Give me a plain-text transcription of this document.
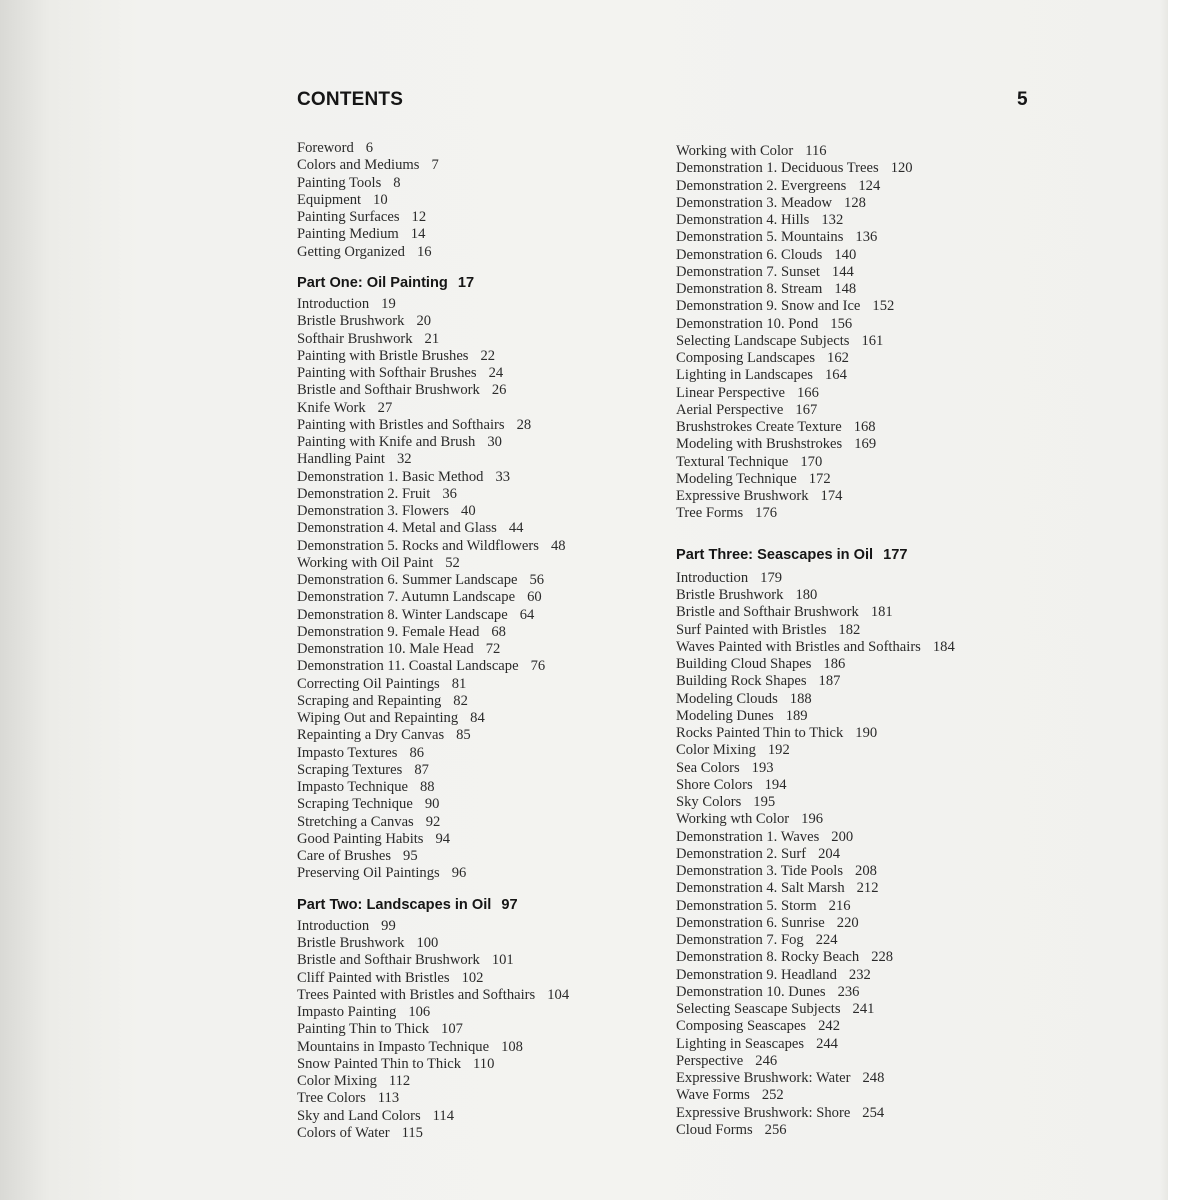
CONTENTS	5
Foreword 6
Colors and Mediums 7
Painting Tools 8
Equipment 10
Painting Surfaces 12
Painting Medium 14
Getting Organized 16
Part One: Oil Painting 17
Introduction 19
Bristle Brushwork 20
Softhair Brushwork 21
Painting with Bristle Brushes 22
Painting with Softhair Brushes 24
Bristle and Softhair Brushwork 26
Knife Work 27
Painting with Bristles and Softhairs 28
Painting with Knife and Brush 30
Handling Paint 32
Demonstration 1. Basic Method 33
Demonstration 2. Fruit 36
Demonstration 3. Flowers 40
Demonstration 4. Metal and Glass 44
Demonstration 5. Rocks and Wildflowers 48
Working with Oil Paint 52
Demonstration 6. Summer Landscape 56
Demonstration 7. Autumn Landscape 60
Demonstration 8. Winter Landscape 64
Demonstration 9. Female Head 68
Demonstration 10. Male Head 72
Demonstration 11. Coastal Landscape 76
Correcting Oil Paintings 81
Scraping and Repainting 82
Wiping Out and Repainting 84
Repainting a Dry Canvas 85
Impasto Textures 86
Scraping Textures 87
Impasto Technique 88
Scraping Technique 90
Stretching a Canvas 92
Good Painting Habits 94
Care of Brushes 95
Preserving Oil Paintings 96
Part Two: Landscapes in Oil 97
Introduction 99
Bristle Brushwork 100
Bristle and Softhair Brushwork 101
Cliff Painted with Bristles 102
Trees Painted with Bristles and Softhairs 104
Impasto Painting 106
Painting Thin to Thick 107
Mountains in Impasto Technique 108
Snow Painted Thin to Thick 110
Color Mixing 112
Tree Colors 113
Sky and Land Colors 114
Colors of Water 115
Working with Color 116
Demonstration 1. Deciduous Trees 120
Demonstration 2. Evergreens 124
Demonstration 3. Meadow 128
Demonstration 4. Hills 132
Demonstration 5. Mountains 136
Demonstration 6. Clouds 140
Demonstration 7. Sunset 144
Demonstration 8. Stream 148
Demonstration 9. Snow and Ice 152
Demonstration 10. Pond 156
Selecting Landscape Subjects 161
Composing Landscapes 162
Lighting in Landscapes 164
Linear Perspective 166
Aerial Perspective 167
Brushstrokes Create Texture 168
Modeling with Brushstrokes 169
Textural Technique 170
Modeling Technique 172
Expressive Brushwork 174
Tree Forms 176
Part Three: Seascapes in Oil 177
Introduction 179
Bristle Brushwork 180
Bristle and Softhair Brushwork 181
Surf Painted with Bristles 182
Waves Painted with Bristles and Softhairs 184
Building Cloud Shapes 186
Building Rock Shapes 187
Modeling Clouds 188
Modeling Dunes 189
Rocks Painted Thin to Thick 190
Color Mixing 192
Sea Colors 193
Shore Colors 194
Sky Colors 195
Working wth Color 196
Demonstration 1. Waves 200
Demonstration 2. Surf 204
Demonstration 3. Tide Pools 208
Demonstration 4. Salt Marsh 212
Demonstration 5. Storm 216
Demonstration 6. Sunrise 220
Demonstration 7. Fog 224
Demonstration 8. Rocky Beach 228
Demonstration 9. Headland 232
Demonstration 10. Dunes 236
Selecting Seascape Subjects 241
Composing Seascapes 242
Lighting in Seascapes 244
Perspective 246
Expressive Brushwork: Water 248
Wave Forms 252
Expressive Brushwork: Shore 254
Cloud Forms 256
